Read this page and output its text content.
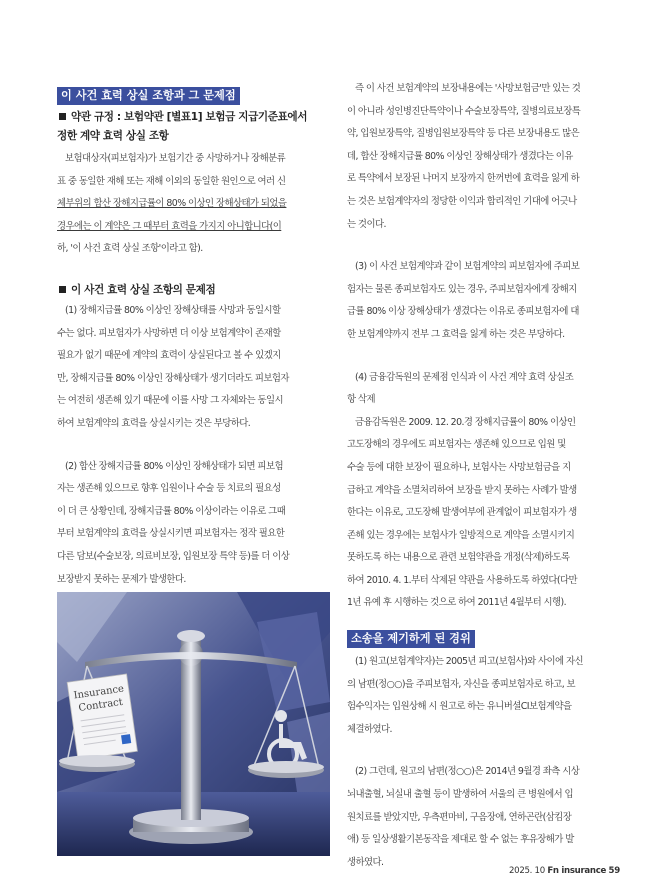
이 사건 효력 상실 조항과 그 문제점
약관 규정 : 보험약관 [별표1] 보험금 지급기준표에서
정한 계약 효력 상실 조항

보험대상자(피보험자)가 보험기간 중 사망하거나 장해분류

표 중 동일한 재해 또는 재해 이외의 동일한 원인으로 여러 신

체부위의 합산 장해지급률이 80% 이상인 장해상태가 되었을

경우에는 이 계약은 그 때부터 효력을 가지지 아니합니다(이

하, '이 사건 효력 상실 조항'이라고 함).

이 사건 효력 상실 조항의 문제점

(1) 장해지급률 80% 이상인 장해상태를 사망과 동일시할

수는 없다. 피보험자가 사망하면 더 이상 보험계약이 존재할

필요가 없기 때문에 계약의 효력이 상실된다고 볼 수 있겠지

만, 장해지급률 80% 이상인 장해상태가 생기더라도 피보험자

는 여전히 생존해 있기 때문에 이를 사망 그 자체와는 동일시

하여 보험계약의 효력을 상실시키는 것은 부당하다.

(2) 합산 장해지급률 80% 이상인 장해상태가 되면 피보험

자는 생존해 있으므로 향후 입원이나 수술 등 치료의 필요성

이 더 큰 상황인데, 장해지급률 80% 이상이라는 이유로 그때

부터 보험계약의 효력을 상실시키면 피보험자는 정작 필요한

다른 담보(수술보장, 의료비보장, 입원보장 특약 등)를 더 이상

보장받지 못하는 문제가 발생한다.

Insurance
Contract

즉 이 사건 보험계약의 보장내용에는 '사망보험금'만 있는 것

이 아니라 성인병진단특약이나 수술보장특약, 질병의료보장특

약, 입원보장특약, 질병입원보장특약 등 다른 보장내용도 많은

데, 합산 장해지급률 80% 이상인 장해상태가 생겼다는 이유

로 특약에서 보장된 나머지 보장까지 한꺼번에 효력을 잃게 하

는 것은 보험계약자의 정당한 이익과 합리적인 기대에 어긋나

는 것이다.

(3) 이 사건 보험계약과 같이 보험계약의 피보험자에 주피보

험자는 물론 종피보험자도 있는 경우, 주피보험자에게 장해지

급률 80% 이상 장해상태가 생겼다는 이유로 종피보험자에 대

한 보험계약까지 전부 그 효력을 잃게 하는 것은 부당하다.

(4) 금융감독원의 문제점 인식과 이 사건 계약 효력 상실조

항 삭제

금융감독원은 2009. 12. 20.경 장해지급률이 80% 이상인

고도장해의 경우에도 피보험자는 생존해 있으므로 입원 및

수술 등에 대한 보장이 필요하나, 보험사는 사망보험금을 지

급하고 계약을 소멸처리하여 보장을 받지 못하는 사례가 발생

한다는 이유로, 고도장해 발생여부에 관계없이 피보험자가 생

존해 있는 경우에는 보험사가 일방적으로 계약을 소멸시키지

못하도록 하는 내용으로 관련 보험약관을 개정(삭제)하도록

하여 2010. 4. 1.부터 삭제된 약관을 사용하도록 하였다(다만

1년 유예 후 시행하는 것으로 하여 2011년 4월부터 시행).

소송을 제기하게 된 경위

(1) 원고(보험계약자)는 2005년 피고(보험사)와 사이에 자신

의 남편(정○○)을 주피보험자, 자신을 종피보험자로 하고, 보

험수익자는 입원상해 시 원고로 하는 유니버셜CI보험계약을

체결하였다.

(2) 그런데, 원고의 남편(정○○)은 2014년 9월경 좌측 시상

뇌내출혈, 뇌실내 출혈 등이 발생하여 서울의 큰 병원에서 입

원치료를 받았지만, 우측편마비, 구음장애, 연하곤란(삼킴장

애) 등 일상생활기본동작을 제대로 할 수 없는 후유장해가 발

생하였다.

2025. 10 Fn insurance 59
